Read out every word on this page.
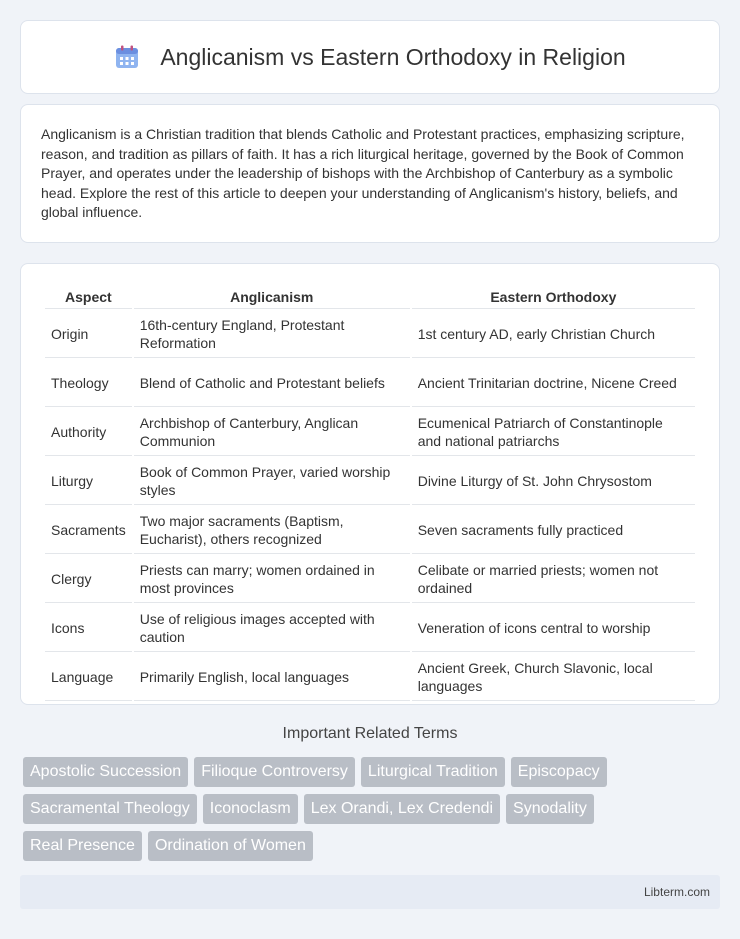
Anglicanism vs Eastern Orthodoxy in Religion

Anglicanism is a Christian tradition that blends Catholic and Protestant practices, emphasizing scripture, reason, and tradition as pillars of faith. It has a rich liturgical heritage, governed by the Book of Common Prayer, and operates under the leadership of bishops with the Archbishop of Canterbury as a symbolic head. Explore the rest of this article to deepen your understanding of Anglicanism's history, beliefs, and global influence.

Aspect	Anglicanism	Eastern Orthodoxy
Origin	16th-century England, Protestant Reformation	1st century AD, early Christian Church
Theology	Blend of Catholic and Protestant beliefs	Ancient Trinitarian doctrine, Nicene Creed
Authority	Archbishop of Canterbury, Anglican Communion	Ecumenical Patriarch of Constantinople and national patriarchs
Liturgy	Book of Common Prayer, varied worship styles	Divine Liturgy of St. John Chrysostom
Sacraments	Two major sacraments (Baptism, Eucharist), others recognized	Seven sacraments fully practiced
Clergy	Priests can marry; women ordained in most provinces	Celibate or married priests; women not ordained
Icons	Use of religious images accepted with caution	Veneration of icons central to worship
Language	Primarily English, local languages	Ancient Greek, Church Slavonic, local languages
Important Related Terms
Apostolic Succession	Filioque Controversy	Liturgical Tradition	Episcopacy
Sacramental Theology	Iconoclasm	Lex Orandi, Lex Credendi	Synodality
Real Presence	Ordination of Women
Libterm.com
